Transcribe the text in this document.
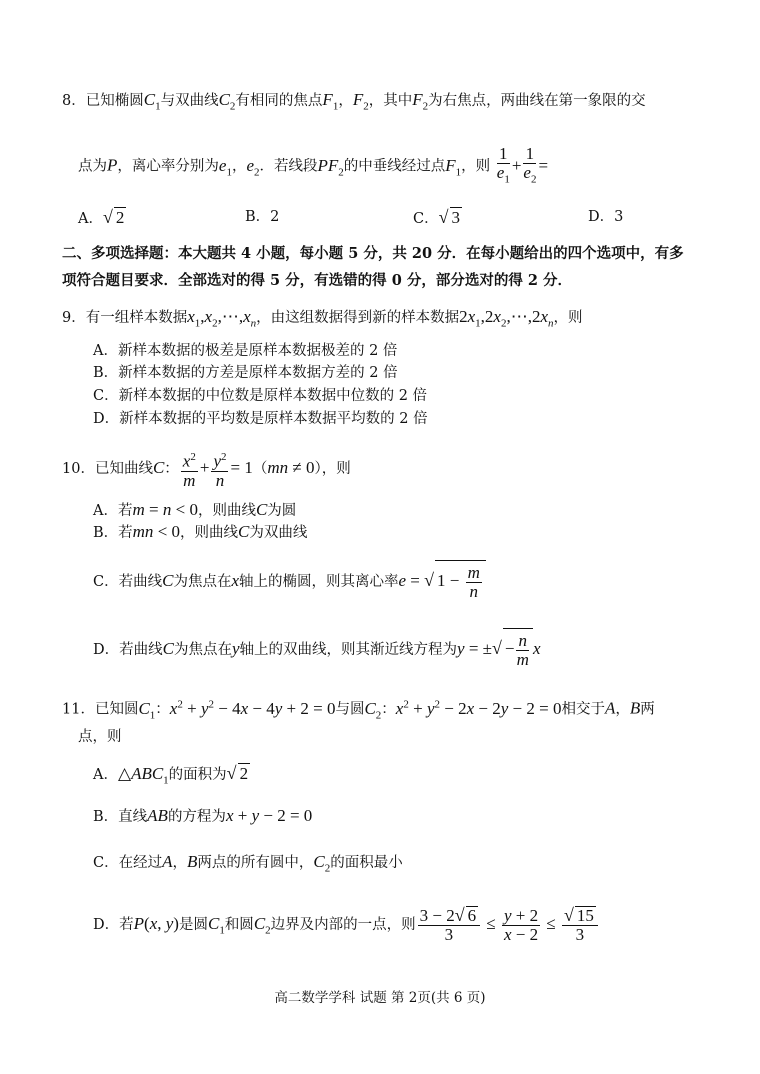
8．已知椭圆$C_1$与双曲线$C_2$有相同的焦点$F_1$，$F_2$，其中$F_2$为右焦点，两曲线在第一象限的交
点为P，离心率分别为$e_1$，$e_2$．若线段$PF_2$的中垂线经过点$F_1$，则 $\frac{1}{e_1} + \frac{1}{e_2}$ =
A．√ 2	B．2	C．√ 3	D．3
二、多项选择题：本大题共 4 小题，每小题 5 分，共 20 分．在每小题给出的四个选项中，有多
项符合题目要求．全部选对的得 5 分，有选错的得 0 分，部分选对的得 2 分．
9．有一组样本数据$x_1,x_2,\cdots,x_n$，由这组数据得到新的样本数据$2x_1,2x_2,\cdots,2x_n$，则
A．新样本数据的极差是原样本数据极差的 2 倍
B．新样本数据的方差是原样本数据方差的 2 倍
C．新样本数据的中位数是原样本数据中位数的 2 倍
D．新样本数据的平均数是原样本数据平均数的 2 倍
10．已知曲线C： $\frac{x^2}{m} + \frac{y^2}{n} = 1(mn \ne 0)$，则
A．若m = n < 0，则曲线C为圆
B．若mn < 0，则曲线C为双曲线
C．若曲线C为焦点在x轴上的椭圆，则其离心率e = √ $1 - \frac{m}{n}$
D．若曲线C为焦点在y轴上的双曲线，则其渐近线方程为y = ±√ − $\frac{n}{m}$ x
11．已知圆$C_1$：$x^2 + y^2 - 4x - 4y + 2 = 0$与圆$C_2$：$x^2 + y^2 - 2x - 2y - 2 = 0$相交于A，B两
点，则
A．$\triangle ABC_1$的面积为√ 2
B．直线AB的方程为x + y − 2 = 0
C．在经过A，B两点的所有圆中，$C_2$的面积最小
D．若P(x, y)是圆$C_1$和圆$C_2$边界及内部的一点，则 $\frac{3 - 2√ 6}{3} \le \frac{y + 2}{x - 2} \le \frac{√ 15}{3}$
高二数学学科 试题 第 2页(共 6 页)
